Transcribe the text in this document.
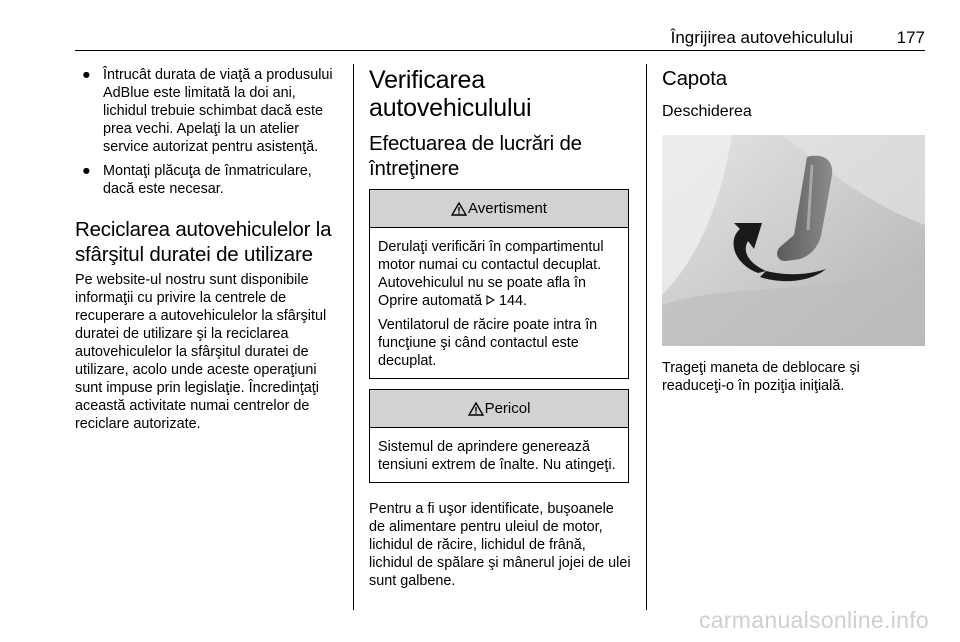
Îngrijirea autovehiculului	177
● Întrucât durata de viaţă a produsului AdBlue este limitată la doi ani, lichidul trebuie schimbat dacă este prea vechi. Apelaţi la un atelier service autorizat pentru asistenţă.
● Montaţi plăcuţa de înmatriculare, dacă este necesar.
Reciclarea autovehiculelor la sfârşitul duratei de utilizare

Pe website-ul nostru sunt disponibile informaţii cu privire la centrele de recuperare a autovehiculelor la sfârşitul duratei de utilizare şi la reciclarea autovehiculelor la sfârşitul duratei de utilizare, acolo unde aceste operaţiuni sunt impuse prin legislaţie. Încredinţaţi această activitate numai centrelor de reciclare autorizate.

Verificarea autovehiculului
Efectuarea de lucrări de întreţinere
Avertisment

Derulaţi verificări în compartimentul motor numai cu contactul decuplat. Autovehiculul nu se poate afla în Oprire automată  144.

Ventilatorul de răcire poate intra în funcţiune şi când contactul este decuplat.

Pericol

Sistemul de aprindere generează tensiuni extrem de înalte. Nu atingeţi.

Pentru a fi uşor identificate, buşoanele de alimentare pentru uleiul de motor, lichidul de răcire, lichidul de frână, lichidul de spălare şi mânerul jojei de ulei sunt galbene.

Capota
Deschiderea

Trageţi maneta de deblocare şi readuceţi-o în poziţia iniţială.

carmanualsonline.info
